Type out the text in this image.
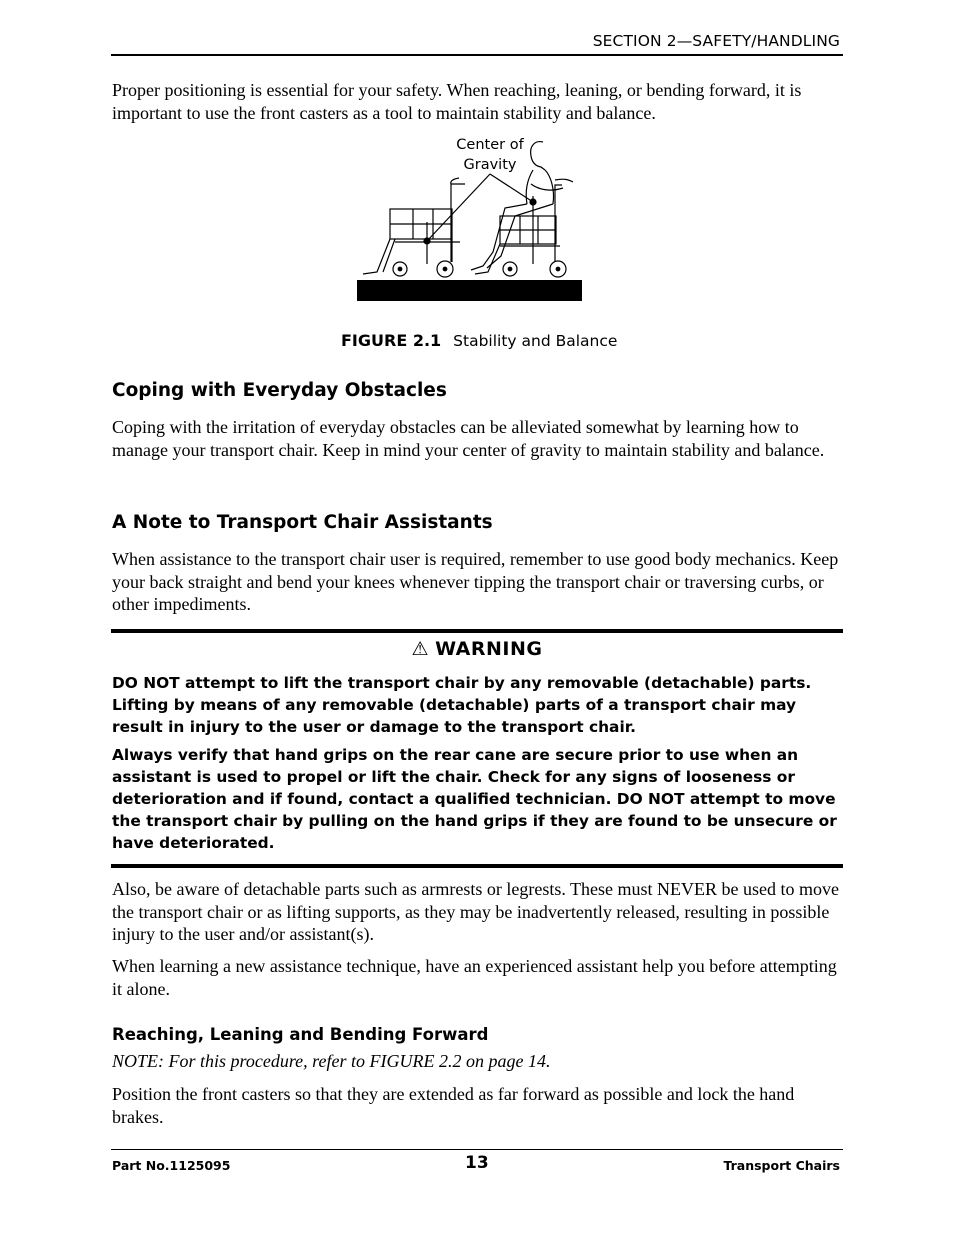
SECTION 2—SAFETY/HANDLING

Proper positioning is essential for your safety. When reaching, leaning, or bending forward, it is important to use the front casters as a tool to maintain stability and balance.

Center of
Gravity
FIGURE 2.1 Stability and Balance
Coping with Everyday Obstacles

Coping with the irritation of everyday obstacles can be alleviated somewhat by learning how to manage your transport chair. Keep in mind your center of gravity to maintain stability and balance.

A Note to Transport Chair Assistants

When assistance to the transport chair user is required, remember to use good body mechanics. Keep your back straight and bend your knees whenever tipping the transport chair or traversing curbs, or other impediments.

⚠ WARNING

DO NOT attempt to lift the transport chair by any removable (detachable) parts. Lifting by means of any removable (detachable) parts of a transport chair may result in injury to the user or damage to the transport chair.

Always verify that hand grips on the rear cane are secure prior to use when an assistant is used to propel or lift the chair. Check for any signs of looseness or deterioration and if found, contact a qualified technician. DO NOT attempt to move the transport chair by pulling on the hand grips if they are found to be unsecure or have deteriorated.

Also, be aware of detachable parts such as armrests or legrests. These must NEVER be used to move the transport chair or as lifting supports, as they may be inadvertently released, resulting in possible injury to the user and/or assistant(s).

When learning a new assistance technique, have an experienced assistant help you before attempting it alone.

Reaching, Leaning and Bending Forward
NOTE: For this procedure, refer to FIGURE 2.2 on page 14.

Position the front casters so that they are extended as far forward as possible and lock the hand brakes.

Part No.1125095	13	Transport Chairs
